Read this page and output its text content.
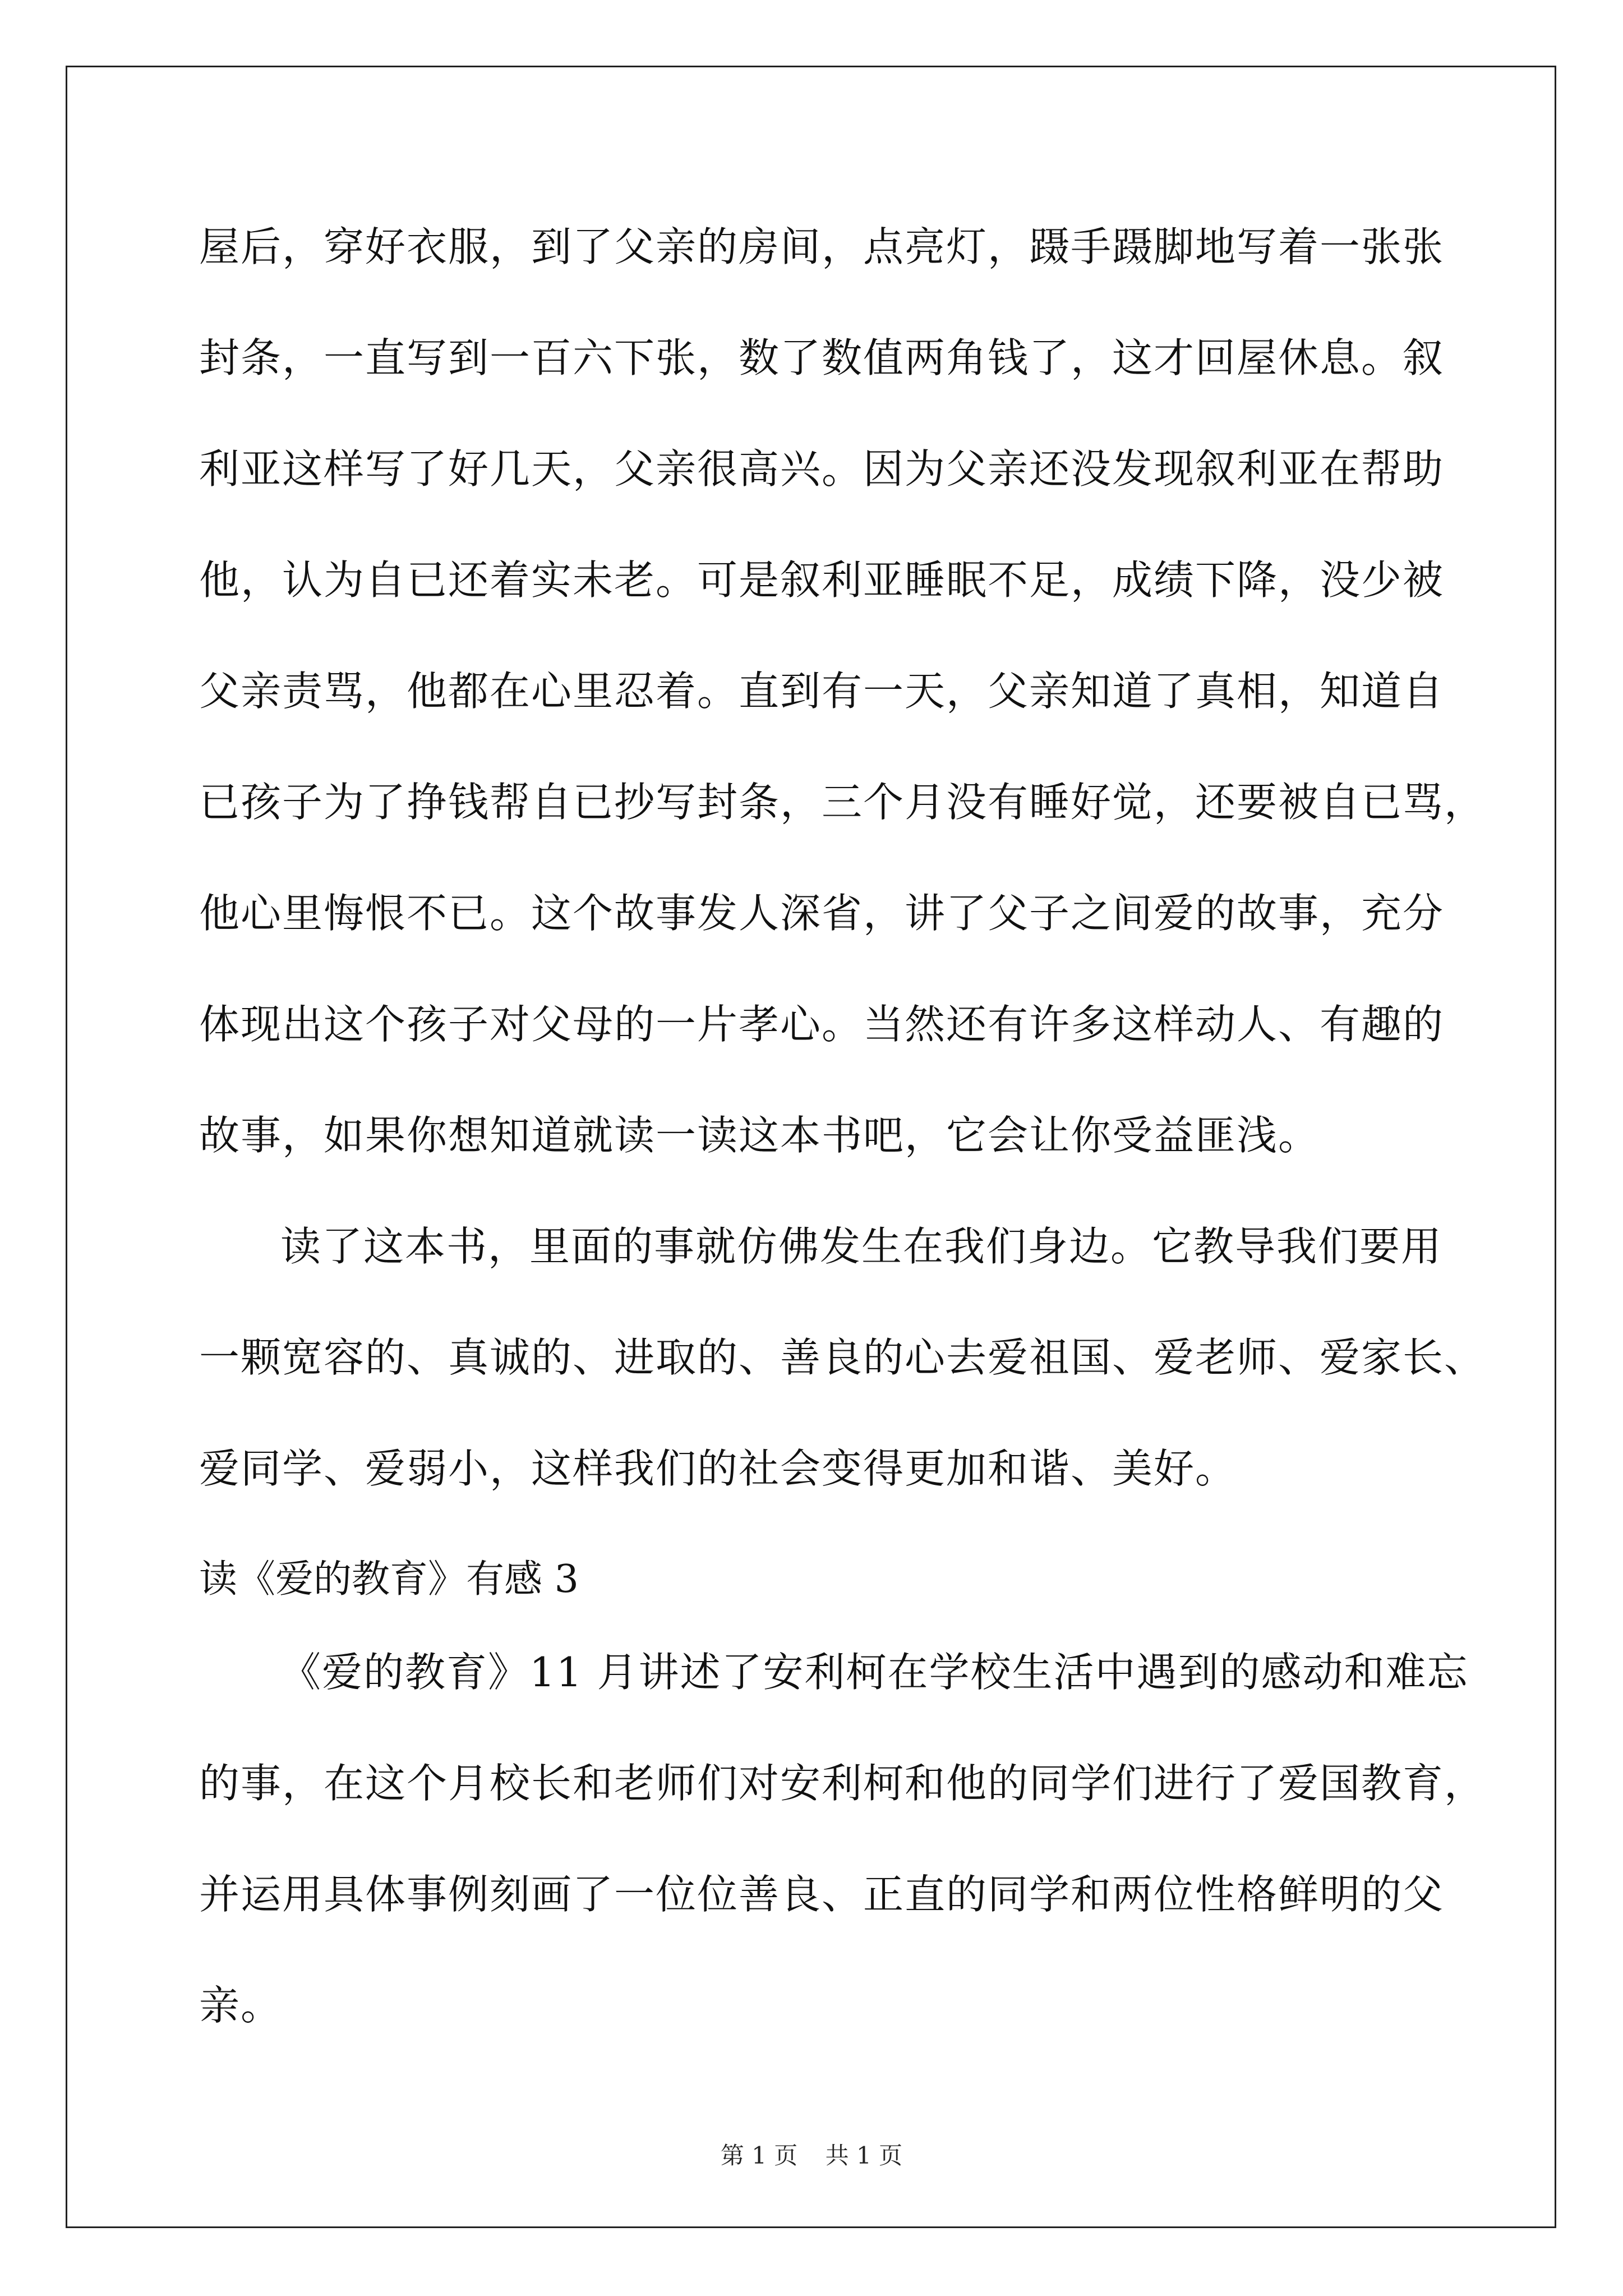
屋后，穿好衣服，到了父亲的房间，点亮灯，蹑手蹑脚地写着一张张
封条，一直写到一百六下张，数了数值两角钱了，这才回屋休息。叙
利亚这样写了好几天，父亲很高兴。因为父亲还没发现叙利亚在帮助
他，认为自已还着实未老。可是叙利亚睡眠不足，成绩下降，没少被
父亲责骂，他都在心里忍着。直到有一天，父亲知道了真相，知道自
已孩子为了挣钱帮自已抄写封条，三个月没有睡好觉，还要被自已骂，
他心里悔恨不已。这个故事发人深省，讲了父子之间爱的故事，充分
体现出这个孩子对父母的一片孝心。当然还有许多这样动人、有趣的
故事，如果你想知道就读一读这本书吧，它会让你受益匪浅。
读了这本书，里面的事就仿佛发生在我们身边。它教导我们要用
一颗宽容的、真诚的、进取的、善良的心去爱祖国、爱老师、爱家长、
爱同学、爱弱小，这样我们的社会变得更加和谐、美好。
读《爱的教育》有感 3
《爱的教育》11 月讲述了安利柯在学校生活中遇到的感动和难忘
的事，在这个月校长和老师们对安利柯和他的同学们进行了爱国教育，
并运用具体事例刻画了一位位善良、正直的同学和两位性格鲜明的父
亲。
第 1 页 共 1 页
